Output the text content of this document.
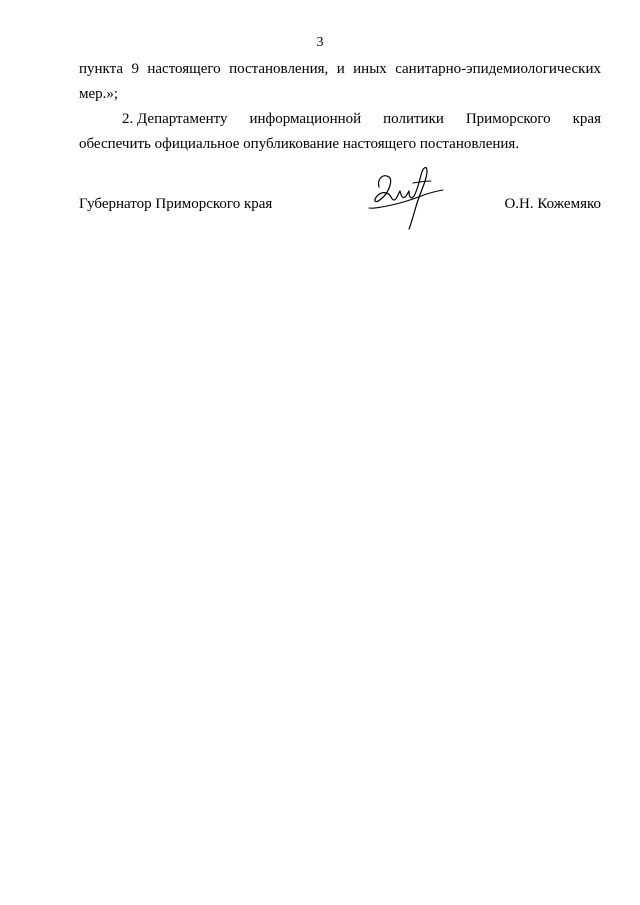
3
пункта 9 настоящего постановления, и иных санитарно-эпидемиологических
мер.»;
2. Департаменту информационной политики Приморского края
обеспечить официальное опубликование настоящего постановления.
Губернатор Приморского края	О.Н. Кожемяко
